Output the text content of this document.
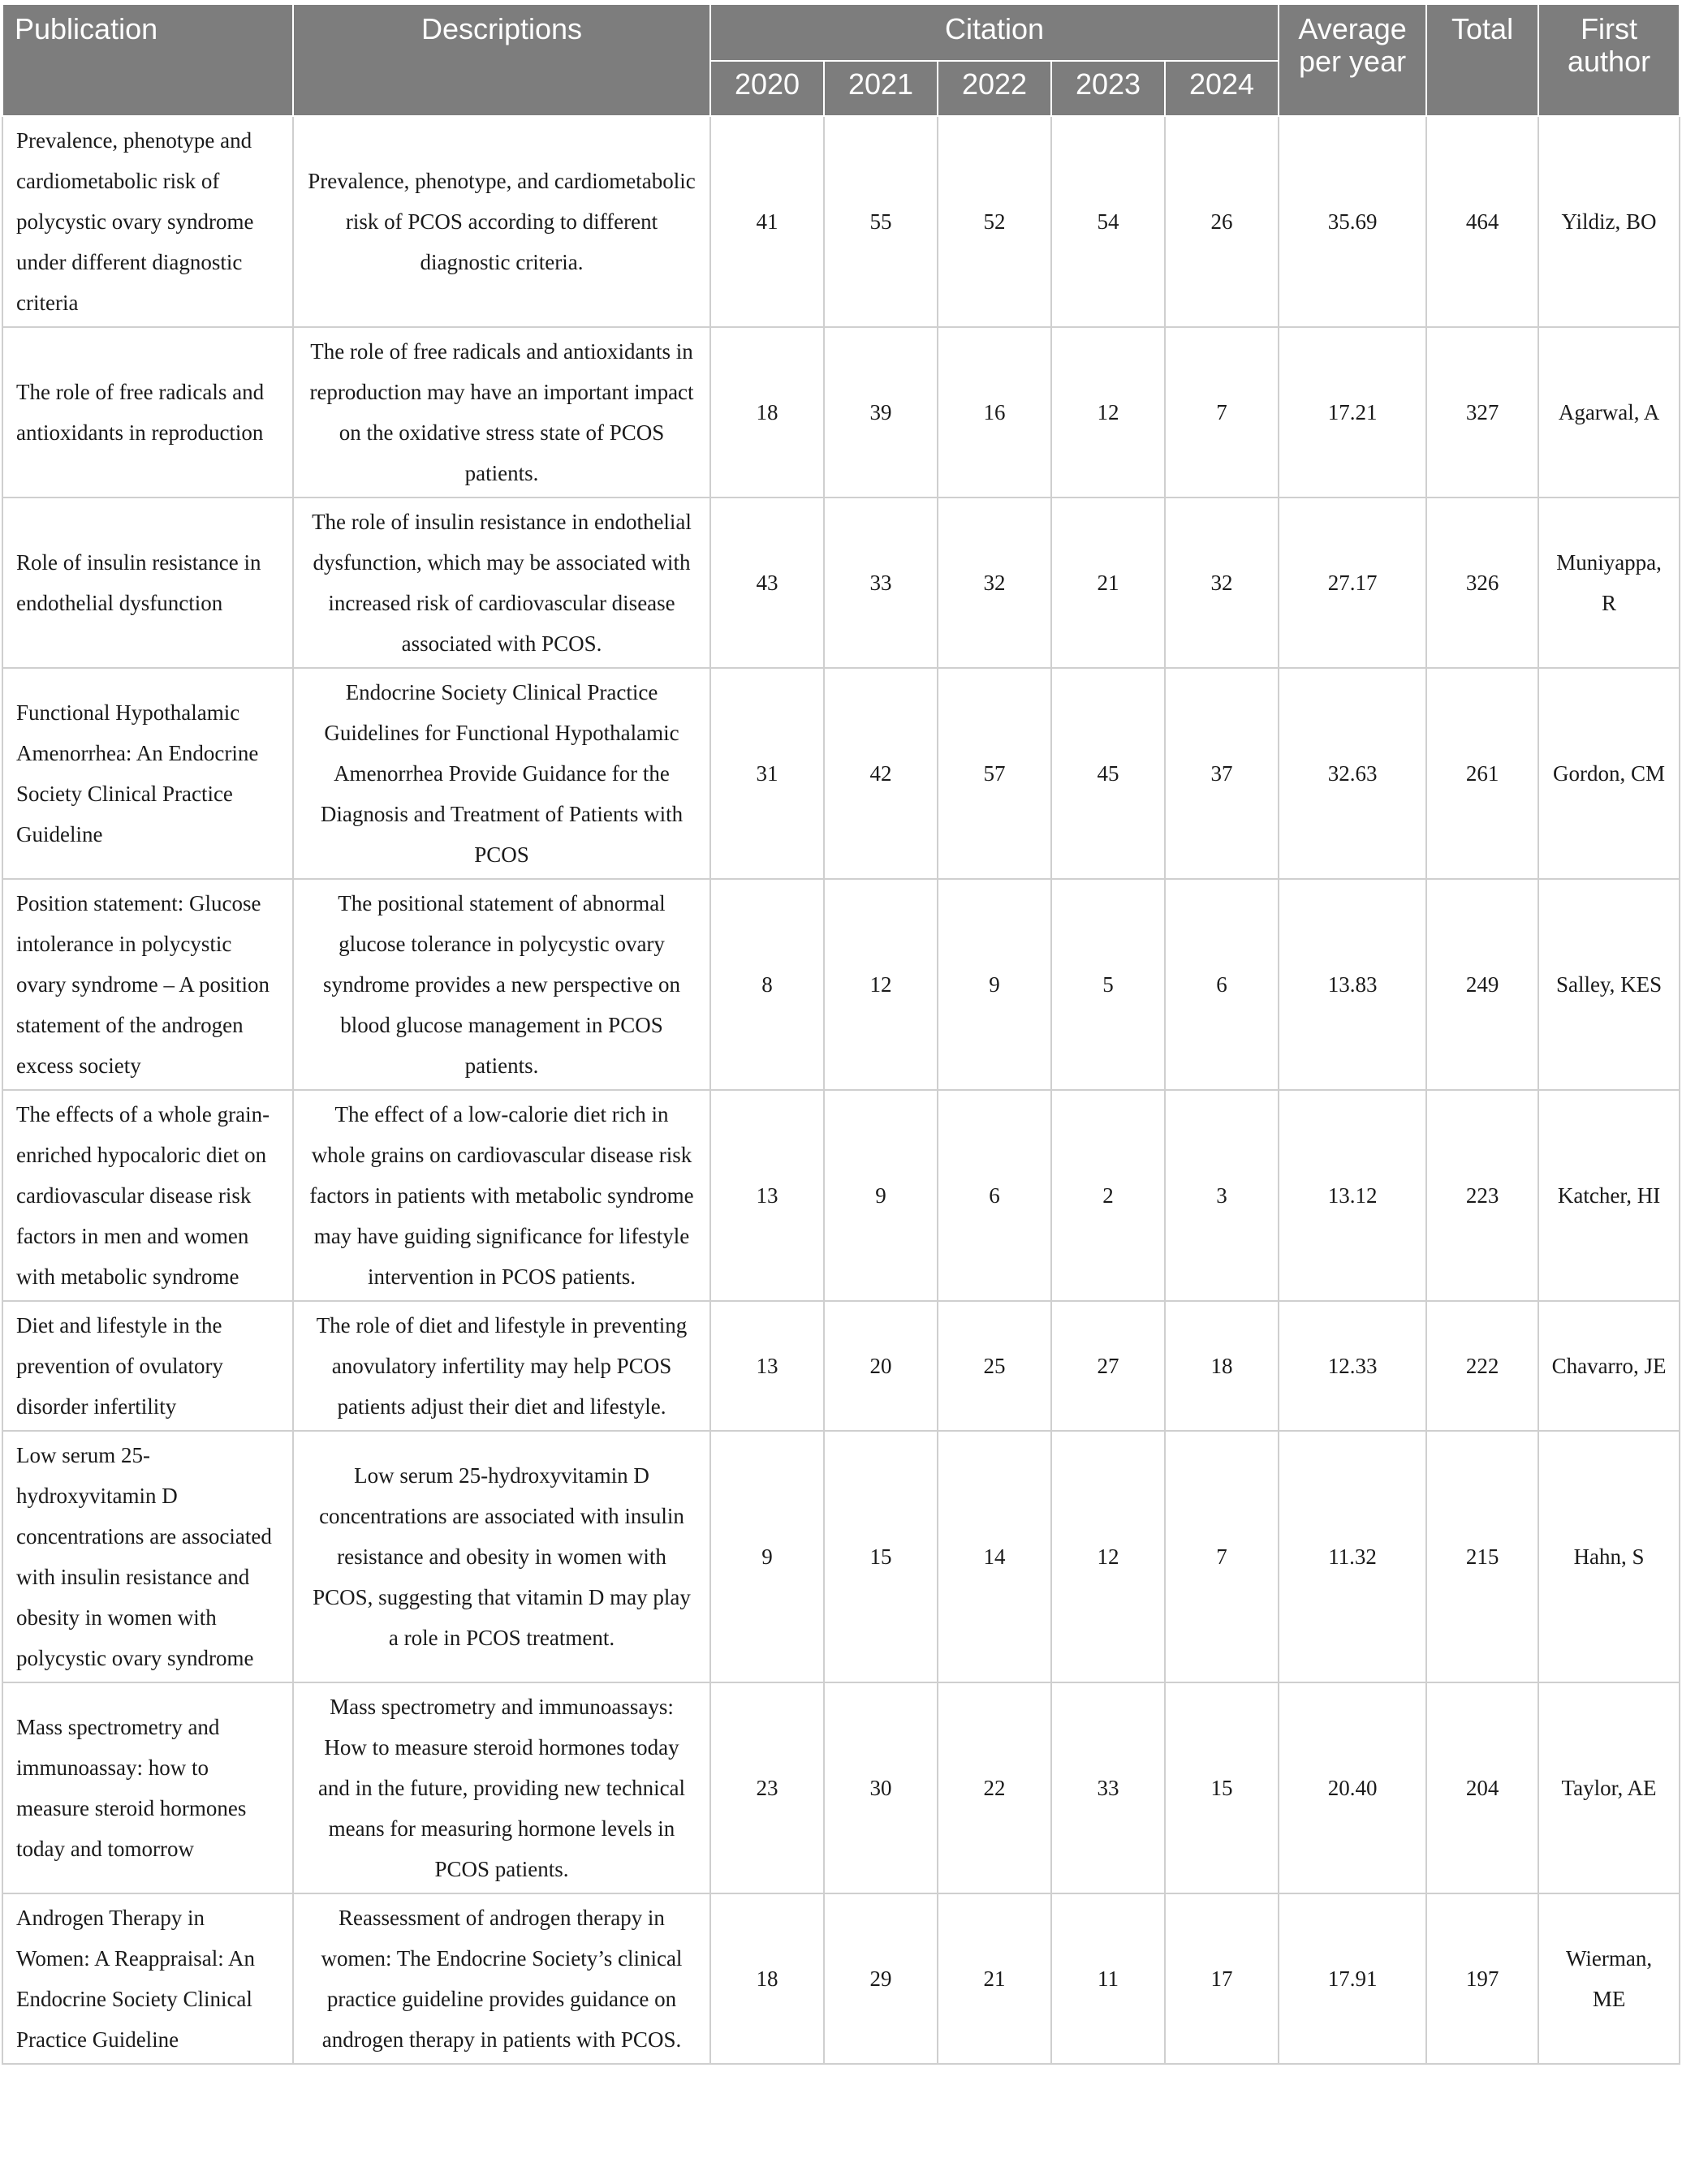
Publication	Descriptions	Citation					Average per year	Total	First author
		2020	2021	2022	2023	2024			
Prevalence, phenotype and cardiometabolic risk of polycystic ovary syndrome under different diagnostic criteria	Prevalence, phenotype, and cardiometabolic risk of PCOS according to different diagnostic criteria.	41	55	52	54	26	35.69	464	Yildiz, BO
The role of free radicals and antioxidants in reproduction	The role of free radicals and antioxidants in reproduction may have an important impact on the oxidative stress state of PCOS patients.	18	39	16	12	7	17.21	327	Agarwal, A
Role of insulin resistance in endothelial dysfunction	The role of insulin resistance in endothelial dysfunction, which may be associated with increased risk of cardiovascular disease associated with PCOS.	43	33	32	21	32	27.17	326	Muniyappa, R
Functional Hypothalamic Amenorrhea: An Endocrine Society Clinical Practice Guideline	Endocrine Society Clinical Practice Guidelines for Functional Hypothalamic Amenorrhea Provide Guidance for the Diagnosis and Treatment of Patients with PCOS	31	42	57	45	37	32.63	261	Gordon, CM
Position statement: Glucose intolerance in polycystic ovary syndrome – A position statement of the androgen excess society	The positional statement of abnormal glucose tolerance in polycystic ovary syndrome provides a new perspective on blood glucose management in PCOS patients.	8	12	9	5	6	13.83	249	Salley, KES
The effects of a whole grain-enriched hypocaloric diet on cardiovascular disease risk factors in men and women with metabolic syndrome	The effect of a low-calorie diet rich in whole grains on cardiovascular disease risk factors in patients with metabolic syndrome may have guiding significance for lifestyle intervention in PCOS patients.	13	9	6	2	3	13.12	223	Katcher, HI
Diet and lifestyle in the prevention of ovulatory disorder infertility	The role of diet and lifestyle in preventing anovulatory infertility may help PCOS patients adjust their diet and lifestyle.	13	20	25	27	18	12.33	222	Chavarro, JE
Low serum 25-hydroxyvitamin D concentrations are associated with insulin resistance and obesity in women with polycystic ovary syndrome	Low serum 25-hydroxyvitamin D concentrations are associated with insulin resistance and obesity in women with PCOS, suggesting that vitamin D may play a role in PCOS treatment.	9	15	14	12	7	11.32	215	Hahn, S
Mass spectrometry and immunoassay: how to measure steroid hormones today and tomorrow	Mass spectrometry and immunoassays: How to measure steroid hormones today and in the future, providing new technical means for measuring hormone levels in PCOS patients.	23	30	22	33	15	20.40	204	Taylor, AE
Androgen Therapy in Women: A Reappraisal: An Endocrine Society Clinical Practice Guideline	Reassessment of androgen therapy in women: The Endocrine Society’s clinical practice guideline provides guidance on androgen therapy in patients with PCOS.	18	29	21	11	17	17.91	197	Wierman, ME
